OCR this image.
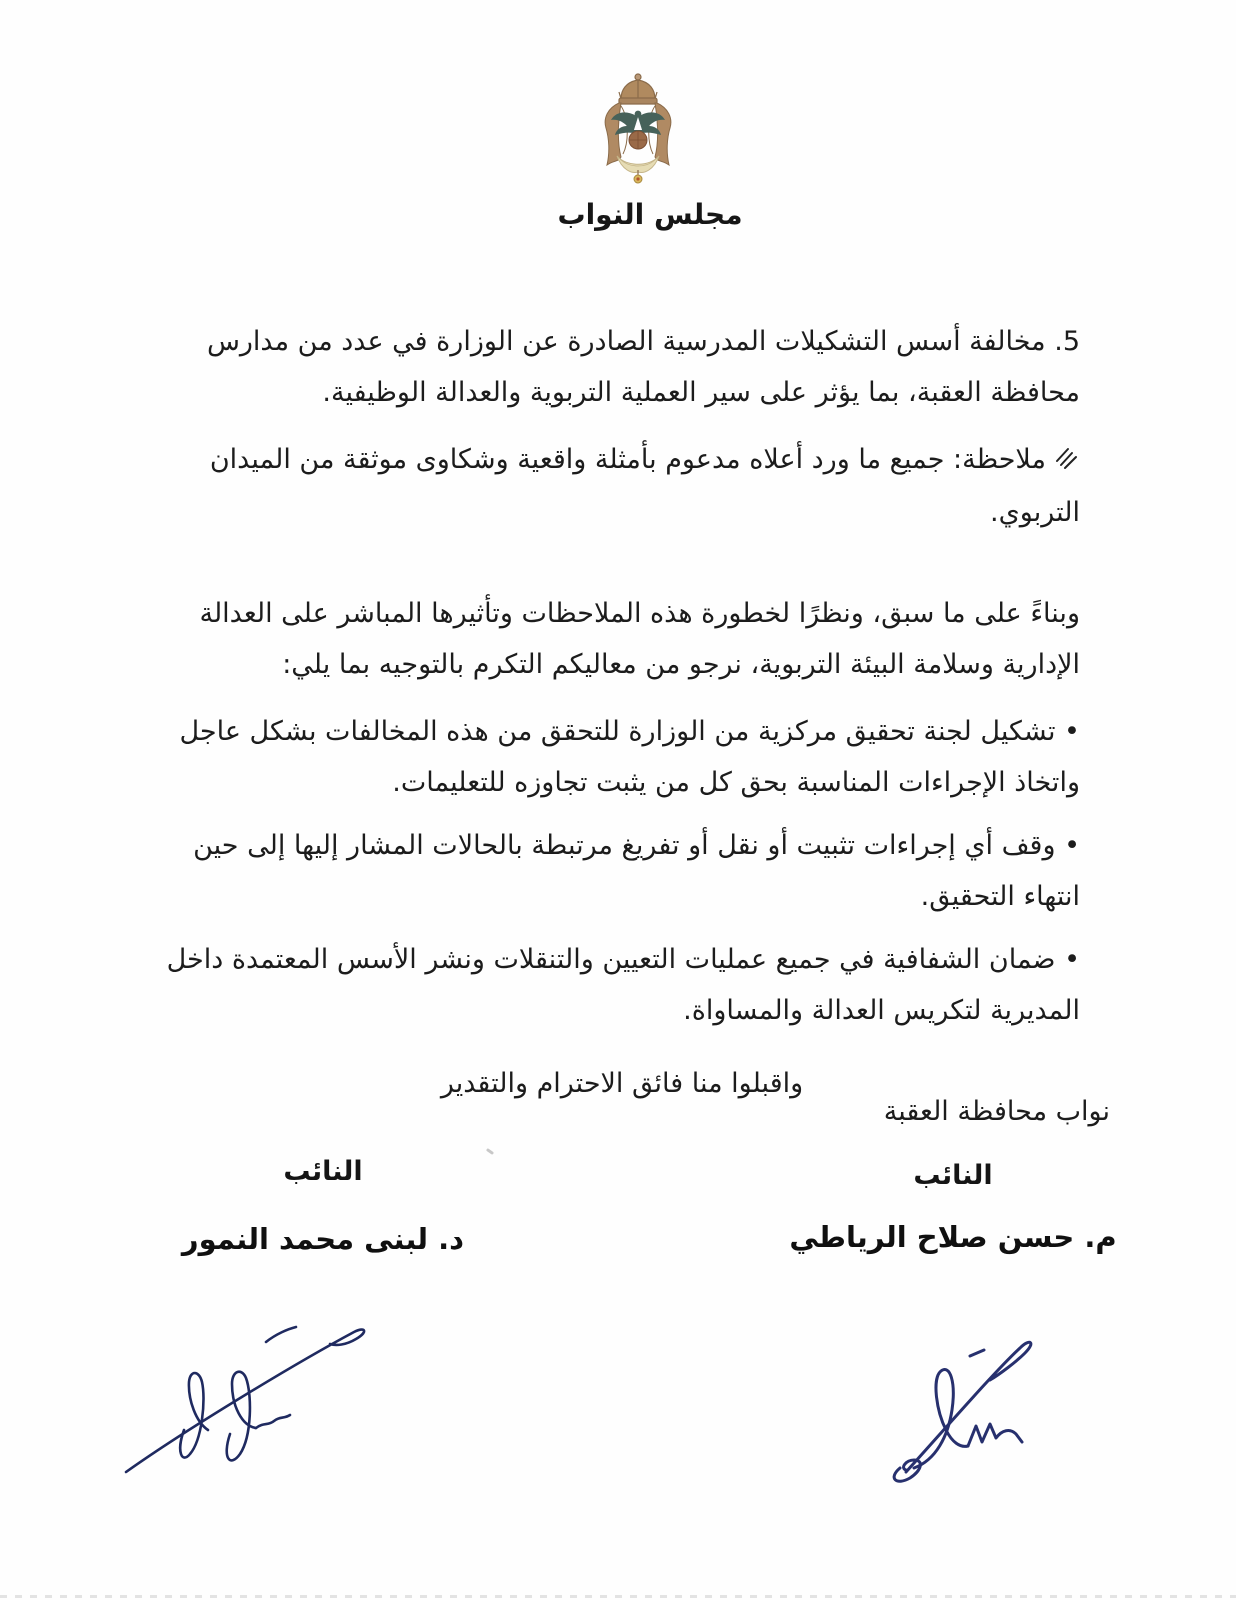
مجلس النواب

5. مخالفة أسس التشكيلات المدرسية الصادرة عن الوزارة في عدد من مدارس محافظة العقبة، بما يؤثر على سير العملية التربوية والعدالة الوظيفية.

ملاحظة: جميع ما ورد أعلاه مدعوم بأمثلة واقعية وشكاوى موثقة من الميدان التربوي.

وبناءً على ما سبق، ونظرًا لخطورة هذه الملاحظات وتأثيرها المباشر على العدالة الإدارية وسلامة البيئة التربوية، نرجو من معاليكم التكرم بالتوجيه بما يلي:

• تشكيل لجنة تحقيق مركزية من الوزارة للتحقق من هذه المخالفات بشكل عاجل واتخاذ الإجراءات المناسبة بحق كل من يثبت تجاوزه للتعليمات.

• وقف أي إجراءات تثبيت أو نقل أو تفريغ مرتبطة بالحالات المشار إليها إلى حين انتهاء التحقيق.

• ضمان الشفافية في جميع عمليات التعيين والتنقلات ونشر الأسس المعتمدة داخل المديرية لتكريس العدالة والمساواة.

واقبلوا منا فائق الاحترام والتقدير

نواب محافظة العقبة
النائب
النائب
م. حسن صلاح الرياطي
د. لبنى محمد النمور
